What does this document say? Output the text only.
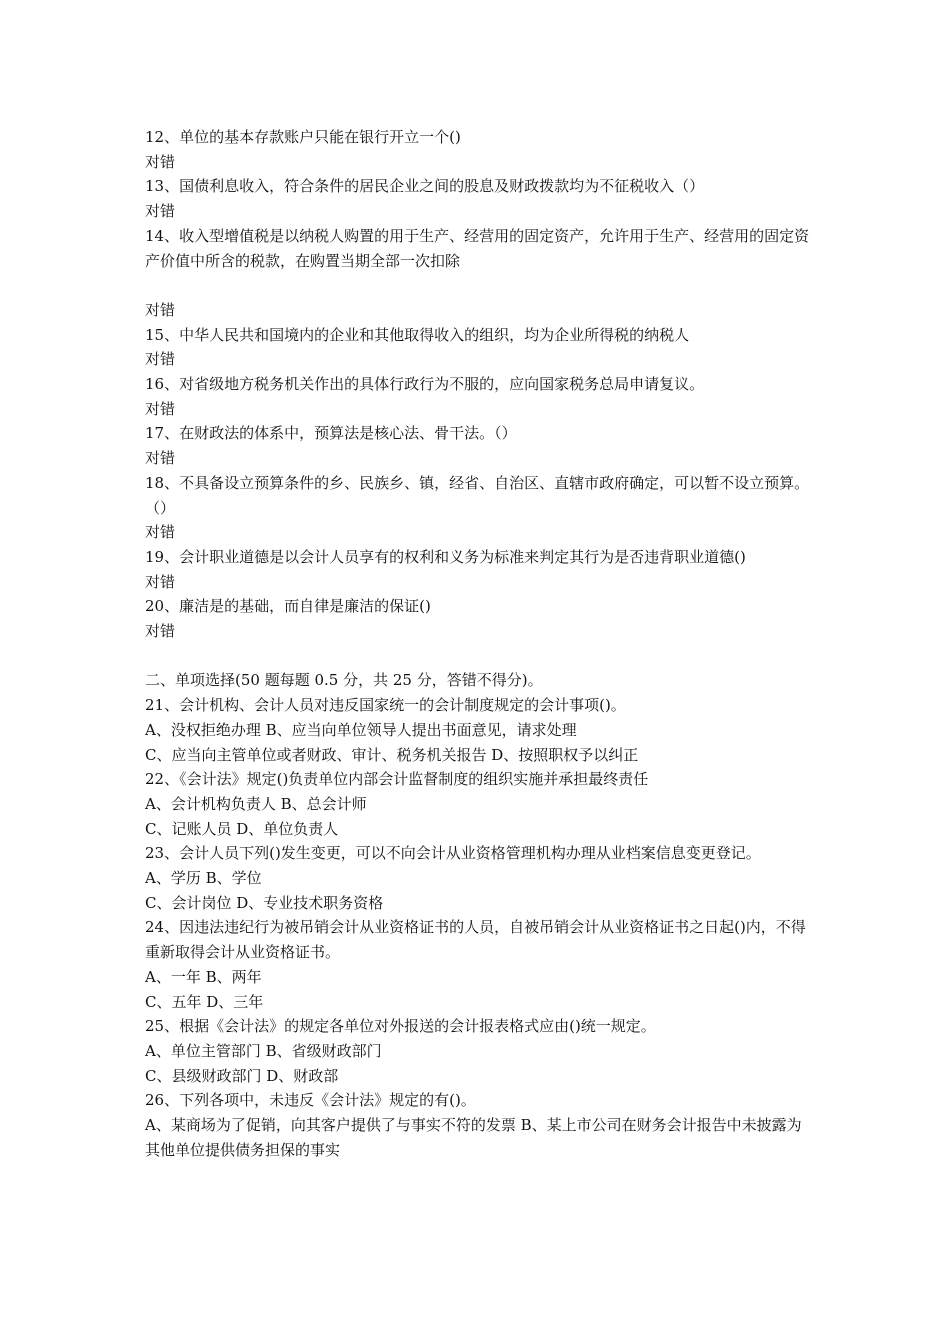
12、单位的基本存款账户只能在银行开立一个()
对错
13、国债利息收入，符合条件的居民企业之间的股息及财政拨款均为不征税收入（）
对错
14、收入型增值税是以纳税人购置的用于生产、经营用的固定资产，允许用于生产、经营用的固定资产价值中所含的税款，在购置当期全部一次扣除
对错
15、中华人民共和国境内的企业和其他取得收入的组织，均为企业所得税的纳税人
对错
16、对省级地方税务机关作出的具体行政行为不服的，应向国家税务总局申请复议。
对错
17、在财政法的体系中，预算法是核心法、骨干法。（）
对错
18、不具备设立预算条件的乡、民族乡、镇，经省、自治区、直辖市政府确定，可以暂不设立预算。（）
对错
19、会计职业道德是以会计人员享有的权利和义务为标准来判定其行为是否违背职业道德()
对错
20、廉洁是的基础，而自律是廉洁的保证()
对错
二、单项选择(50 题每题 0.5 分，共 25 分，答错不得分)。
21、会计机构、会计人员对违反国家统一的会计制度规定的会计事项()。
A、没权拒绝办理 B、应当向单位领导人提出书面意见，请求处理
C、应当向主管单位或者财政、审计、税务机关报告 D、按照职权予以纠正
22、《会计法》规定()负责单位内部会计监督制度的组织实施并承担最终责任
A、会计机构负责人 B、总会计师
C、记账人员 D、单位负责人
23、会计人员下列()发生变更，可以不向会计从业资格管理机构办理从业档案信息变更登记。
A、学历 B、学位
C、会计岗位 D、专业技术职务资格
24、因违法违纪行为被吊销会计从业资格证书的人员，自被吊销会计从业资格证书之日起()内，不得重新取得会计从业资格证书。
A、一年 B、两年
C、五年 D、三年
25、根据《会计法》的规定各单位对外报送的会计报表格式应由()统一规定。
A、单位主管部门 B、省级财政部门
C、县级财政部门 D、财政部
26、下列各项中，未违反《会计法》规定的有()。
A、某商场为了促销，向其客户提供了与事实不符的发票 B、某上市公司在财务会计报告中未披露为其他单位提供债务担保的事实
